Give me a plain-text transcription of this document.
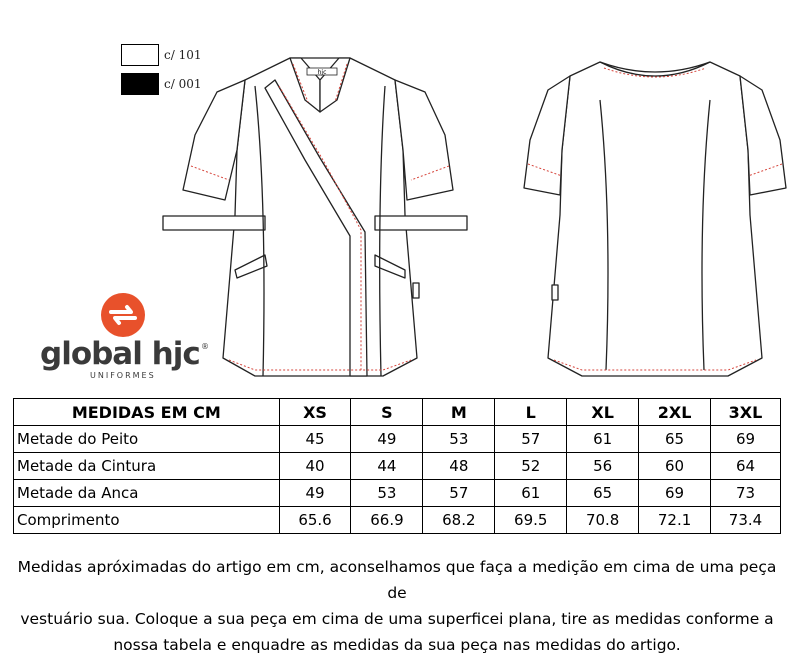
c/ 101
c/ 001
hjc
global hjc ®
UNIFORMES
MEDIDAS EM CM	XS	S	M	L	XL	2XL	3XL
Metade do Peito	45	49	53	57	61	65	69
Metade da Cintura	40	44	48	52	56	60	64
Metade da Anca	49	53	57	61	65	69	73
Comprimento	65.6	66.9	68.2	69.5	70.8	72.1	73.4
Medidas apróximadas do artigo em cm, aconselhamos que faça a medição em cima de uma peça de
vestuário sua. Coloque a sua peça em cima de uma superficei plana, tire as medidas conforme a
nossa tabela e enquadre as medidas da sua peça nas medidas do artigo.
